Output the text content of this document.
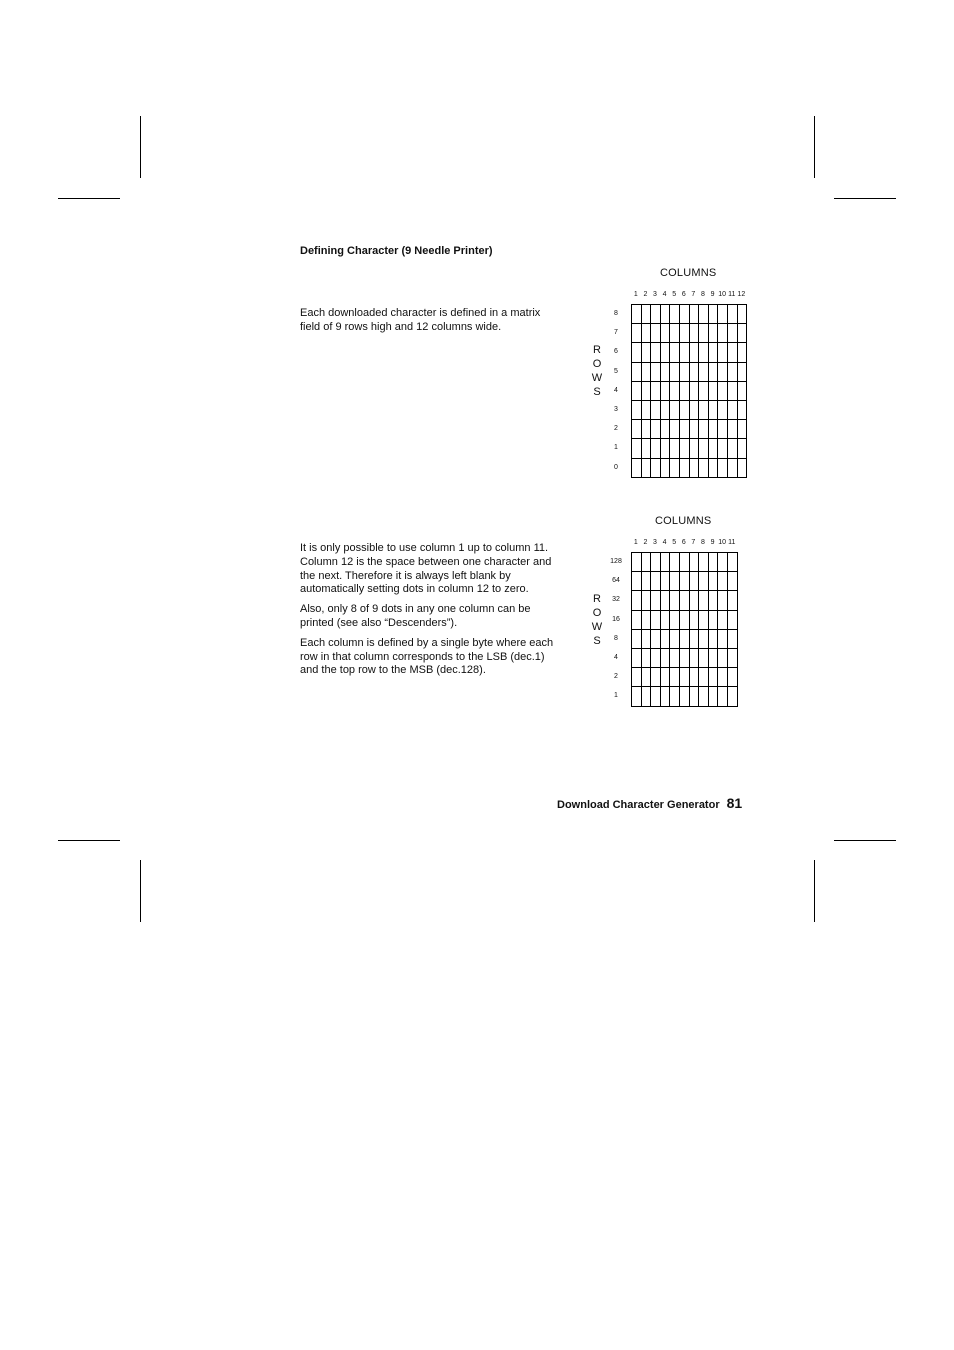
Defining Character (9 Needle Printer)

Each downloaded character is defined in a matrix field of 9 rows high and 12 columns wide.

It is only possible to use column 1 up to column 11. Column 12 is the space between one character and the next. Therefore it is always left blank by automatically setting dots in column 12 to zero.

Also, only 8 of 9 dots in any one column can be printed (see also “Descenders”).

Each column is defined by a single byte where each row in that column corresponds to the LSB (dec.1) and the top row to the MSB (dec.128).

COLUMNS
1 2 3 4 5 6 7 8 9 10 11 12
R
O
W
S
8
7
6
5
4
3
2
1
0
COLUMNS
1 2 3 4 5 6 7 8 9 10 11
R
O
W
S
128
64
32
16
8
4
2
1
Download Character Generator 81
